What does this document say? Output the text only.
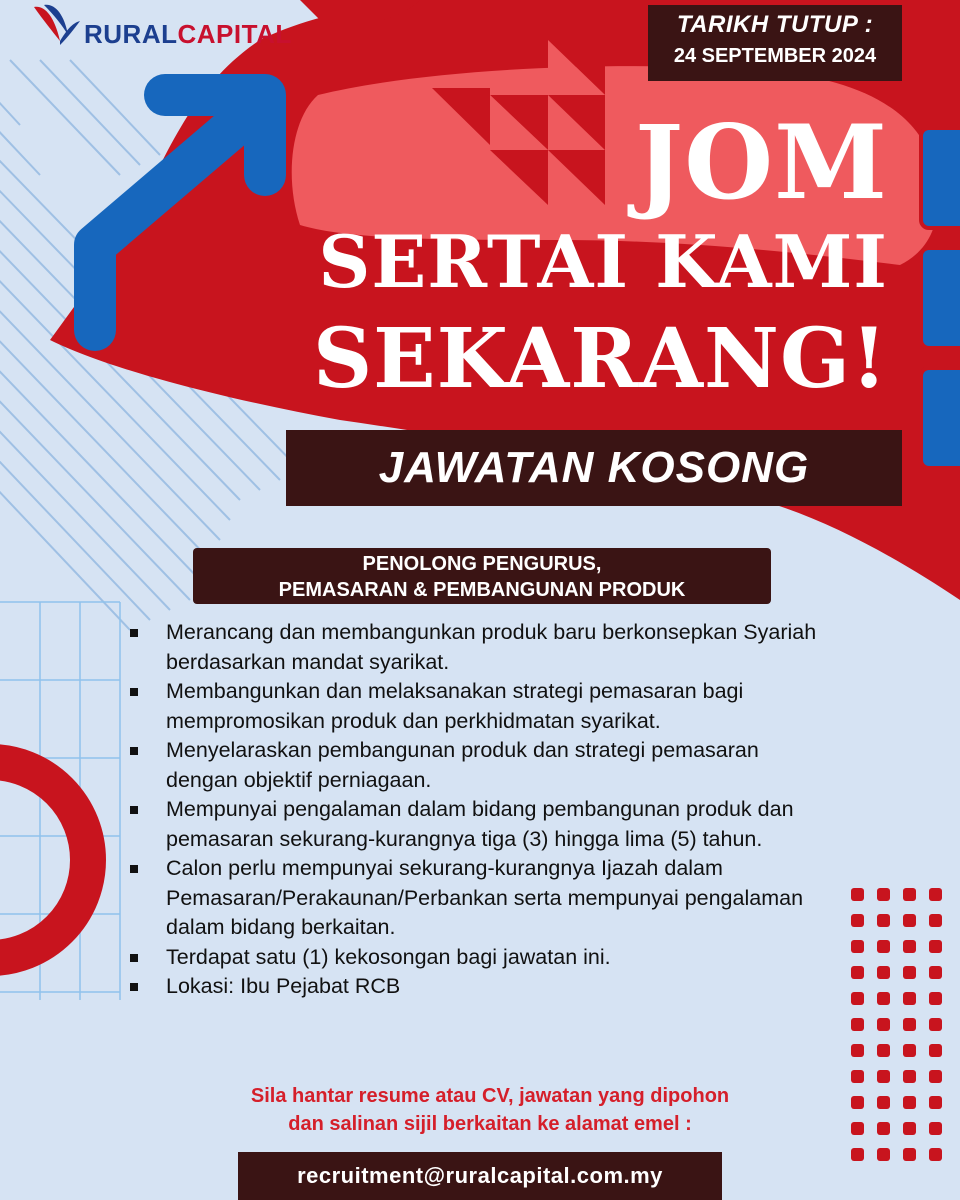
RURALCAPITAL	TARIKH TUTUP :
24 SEPTEMBER 2024
JOM
SERTAI KAMI
SEKARANG!
JAWATAN KOSONG
PENOLONG PENGURUS,
PEMASARAN & PEMBANGUNAN PRODUK
Merancang dan membangunkan produk baru berkonsepkan Syariah berdasarkan mandat syarikat.
Membangunkan dan melaksanakan strategi pemasaran bagi mempromosikan produk dan perkhidmatan syarikat.
Menyelaraskan pembangunan produk dan strategi pemasaran dengan objektif perniagaan.
Mempunyai pengalaman dalam bidang pembangunan produk dan pemasaran sekurang-kurangnya tiga (3) hingga lima (5) tahun.
Calon perlu mempunyai sekurang-kurangnya Ijazah dalam Pemasaran/Perakaunan/Perbankan serta mempunyai pengalaman dalam bidang berkaitan.
Terdapat satu (1) kekosongan bagi jawatan ini.
Lokasi: Ibu Pejabat RCB
Sila hantar resume atau CV, jawatan yang dipohon
dan salinan sijil berkaitan ke alamat emel :
recruitment@ruralcapital.com.my
